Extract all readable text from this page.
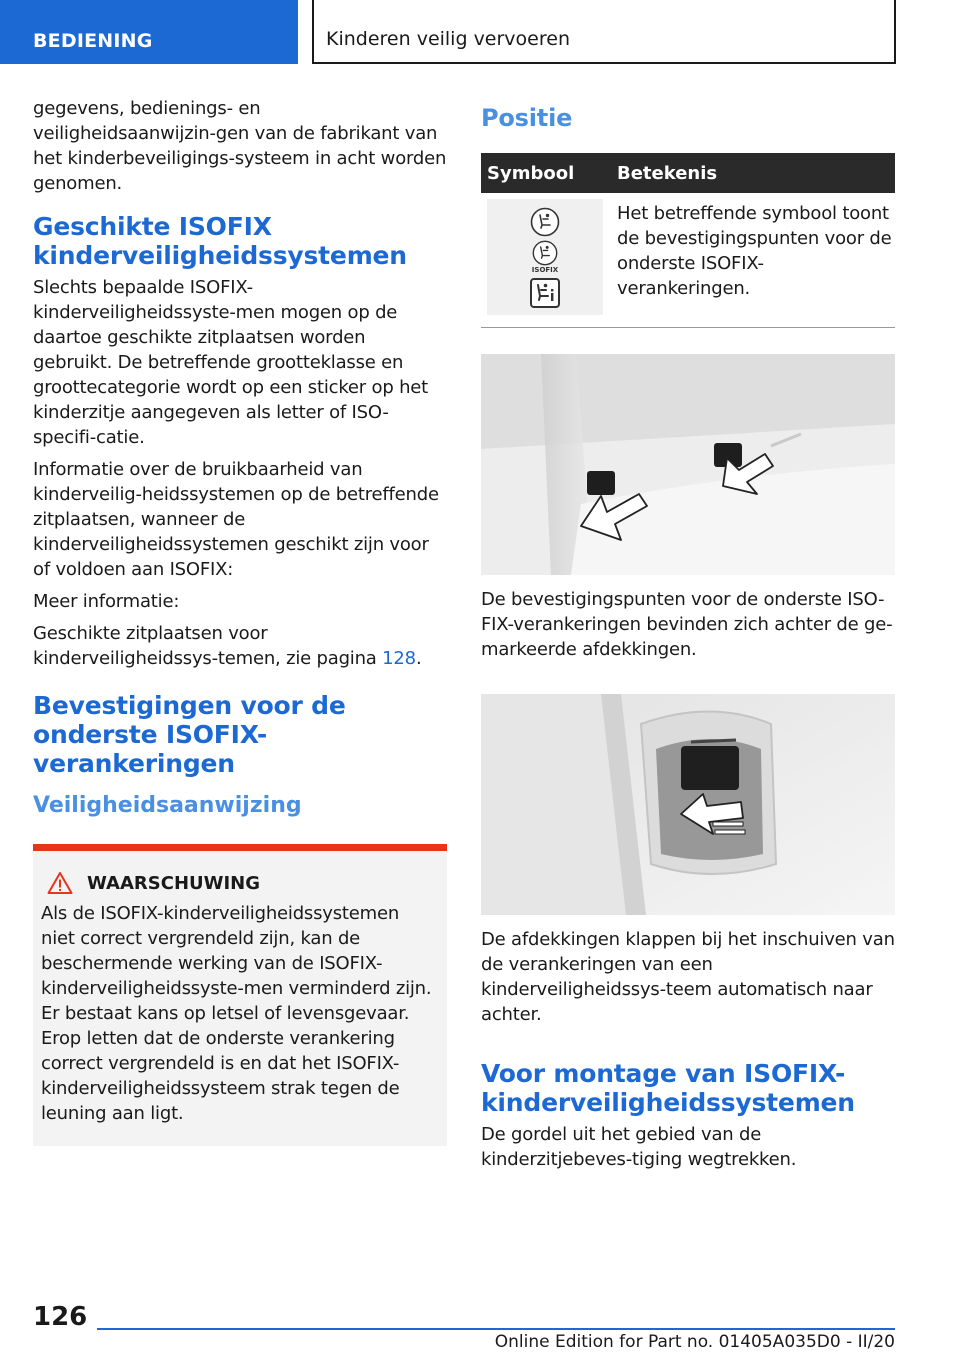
BEDIENING	Kinderen veilig vervoeren

gegevens, bedienings- en veiligheidsaanwijzin-gen van de fabrikant van het kinderbeveiligings-systeem in acht worden genomen.

Geschikte ISOFIX kinderveiligheidssystemen

Slechts bepaalde ISOFIX-kinderveiligheidssyste-men mogen op de daartoe geschikte zitplaatsen worden gebruikt. De betreffende grootteklasse en groottecategorie wordt op een sticker op het kinderzitje aangegeven als letter of ISO-specifi-catie.

Informatie over de bruikbaarheid van kinderveilig-heidssystemen op de betreffende zitplaatsen, wanneer de kinderveiligheidssystemen geschikt zijn voor of voldoen aan ISOFIX:

Meer informatie:

Geschikte zitplaatsen voor kinderveiligheidssys-temen, zie pagina 128.

Bevestigingen voor de onderste ISOFIX-verankeringen
Veiligheidsaanwijzing
WAARSCHUWING

Als de ISOFIX-kinderveiligheidssystemen niet correct vergrendeld zijn, kan de beschermende werking van de ISOFIX-kinderveiligheidssyste-men verminderd zijn. Er bestaat kans op letsel of levensgevaar. Erop letten dat de onderste verankering correct vergrendeld is en dat het ISOFIX-kinderveiligheidssysteem strak tegen de leuning aan ligt.

Positie
Symbool	Betekenis

ISOFIX	Het betreffende symbool toont de bevestigingspunten voor de onderste ISOFIX-verankeringen.

De bevestigingspunten voor de onderste ISO-FIX-verankeringen bevinden zich achter de ge-markeerde afdekkingen.

De afdekkingen klappen bij het inschuiven van de verankeringen van een kinderveiligheidssys-teem automatisch naar achter.

Voor montage van ISOFIX-kinderveiligheidssystemen

De gordel uit het gebied van de kinderzitjebeves-tiging wegtrekken.

126
Online Edition for Part no. 01405A035D0 - II/20
